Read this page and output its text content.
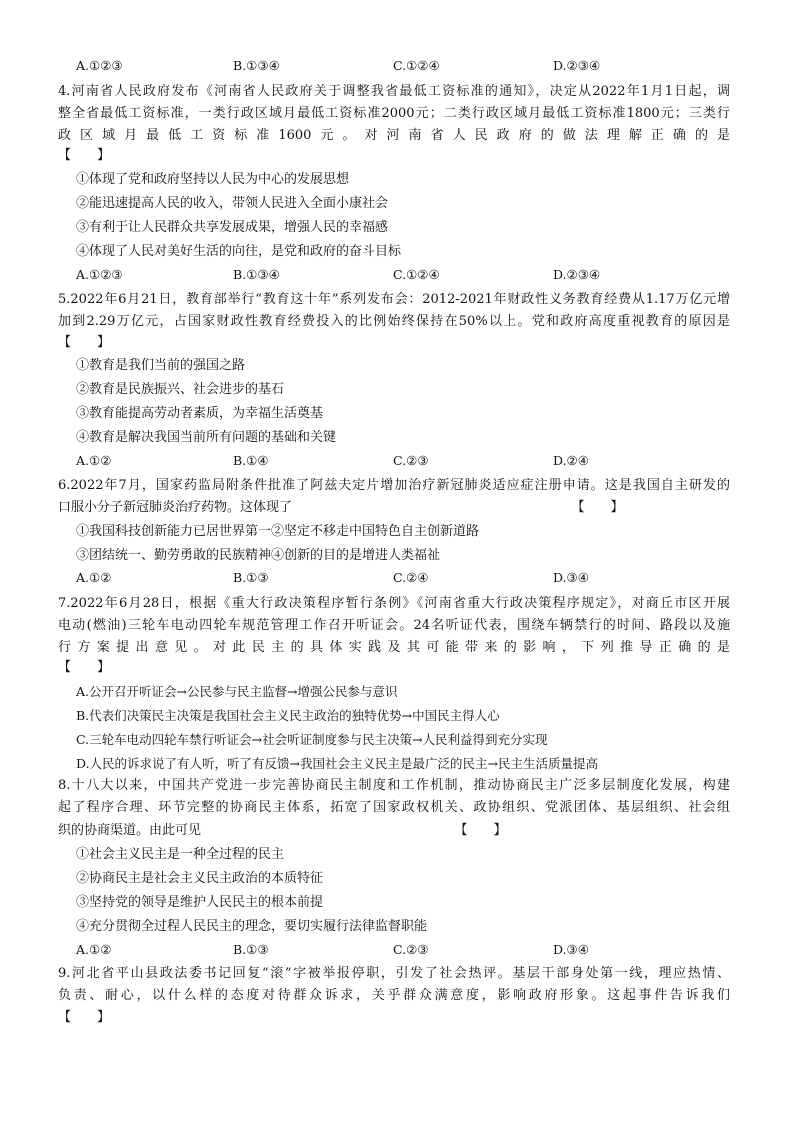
A.①②③	B.①③④	C.①②④	D.②③④
4.河南省人民政府发布《河南省人民政府关于调整我省最低工资标准的通知》，决定从2022年1月1日起，调
整全省最低工资标准，一类行政区域月最低工资标准2000元；二类行政区域月最低工资标准1800元；三类行
政区域月最低工资标准1600元。对河南省人民政府的做法理解正确的是
【　　】
①体现了党和政府坚持以人民为中心的发展思想
②能迅速提高人民的收入，带领人民进入全面小康社会
③有利于让人民群众共享发展成果，增强人民的幸福感
④体现了人民对美好生活的向往，是党和政府的奋斗目标
A.①②③	B.①③④	C.①②④	D.②③④
5.2022年6月21日，教育部举行“教育这十年”系列发布会：2012-2021年财政性义务教育经费从1.17万亿元增
加到2.29万亿元，占国家财政性教育经费投入的比例始终保持在50%以上。党和政府高度重视教育的原因是
【　　】
①教育是我们当前的强国之路
②教育是民族振兴、社会进步的基石
③教育能提高劳动者素质，为幸福生活奠基
④教育是解决我国当前所有问题的基础和关键
A.①②	B.①④	C.②③	D.②④
6.2022年7月，国家药监局附条件批准了阿兹夫定片增加治疗新冠肺炎适应症注册申请。这是我国自主研发的
口服小分子新冠肺炎治疗药物。这体现了　　　　　　　　　　　　　　　　　　　　　　【　　】
①我国科技创新能力已居世界第一②坚定不移走中国特色自主创新道路
③团结统一、勤劳勇敢的民族精神④创新的目的是增进人类福祉
A.①②	B.①③	C.②④	D.③④
7.2022年6月28日，根据《重大行政决策程序暂行条例》《河南省重大行政决策程序规定》，对商丘市区开展
电动(燃油)三轮车电动四轮车规范管理工作召开听证会。24名听证代表，围绕车辆禁行的时间、路段以及施
行方案提出意见。对此民主的具体实践及其可能带来的影响，下列推导正确的是
【　　】
A.公开召开听证会→公民参与民主监督→增强公民参与意识
B.代表们决策民主决策是我国社会主义民主政治的独特优势→中国民主得人心
C.三轮车电动四轮车禁行听证会→社会听证制度参与民主决策→人民利益得到充分实现
D.人民的诉求说了有人听，听了有反馈→我国社会主义民主是最广泛的民主→民主生活质量提高
8.十八大以来，中国共产党进一步完善协商民主制度和工作机制，推动协商民主广泛多层制度化发展，构建
起了程序合理、环节完整的协商民主体系，拓宽了国家政权机关、政协组织、党派团体、基层组织、社会组
织的协商渠道。由此可见　　　　　　　　　　　　　　　　　　　　【　　】
①社会主义民主是一种全过程的民主
②协商民主是社会主义民主政治的本质特征
③坚持党的领导是维护人民民主的根本前提
④充分贯彻全过程人民民主的理念，要切实履行法律监督职能
A.①②	B.①③	C.②③	D.③④
9.河北省平山县政法委书记回复“滚”字被举报停职，引发了社会热评。基层干部身处第一线，理应热情、
负责、耐心，以什么样的态度对待群众诉求，关乎群众满意度，影响政府形象。这起事件告诉我们
【　　】
